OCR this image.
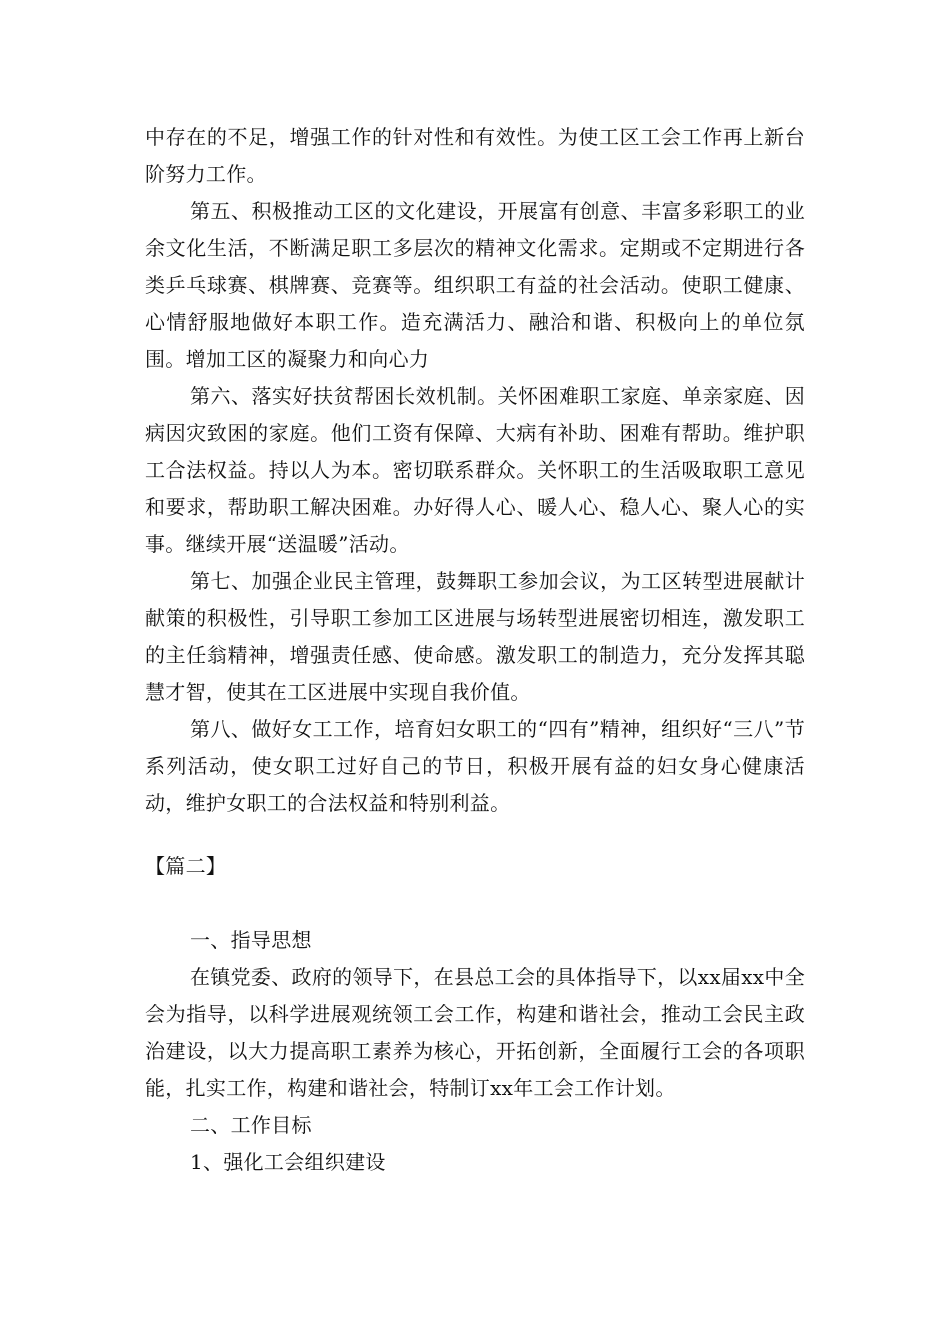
中存在的不足，增强工作的针对性和有效性。为使工区工会工作再上新台阶努力工作。

第五、积极推动工区的文化建设，开展富有创意、丰富多彩职工的业余文化生活，不断满足职工多层次的精神文化需求。定期或不定期进行各类乒乓球赛、棋牌赛、竞赛等。组织职工有益的社会活动。使职工健康、心情舒服地做好本职工作。造充满活力、融洽和谐、积极向上的单位氛围。增加工区的凝聚力和向心力

第六、落实好扶贫帮困长效机制。关怀困难职工家庭、单亲家庭、因病因灾致困的家庭。他们工资有保障、大病有补助、困难有帮助。维护职工合法权益。持以人为本。密切联系群众。关怀职工的生活吸取职工意见和要求，帮助职工解决困难。办好得人心、暖人心、稳人心、聚人心的实事。继续开展“送温暖”活动。

第七、加强企业民主管理，鼓舞职工参加会议，为工区转型进展献计献策的积极性，引导职工参加工区进展与场转型进展密切相连，激发职工的主任翁精神，增强责任感、使命感。激发职工的制造力，充分发挥其聪慧才智，使其在工区进展中实现自我价值。

第八、做好女工工作，培育妇女职工的“四有”精神，组织好“三八”节系列活动，使女职工过好自己的节日，积极开展有益的妇女身心健康活动，维护女职工的合法权益和特别利益。

【篇二】

一、指导思想

在镇党委、政府的领导下，在县总工会的具体指导下，以xx届xx中全会为指导，以科学进展观统领工会工作，构建和谐社会，推动工会民主政治建设，以大力提高职工素养为核心，开拓创新，全面履行工会的各项职能，扎实工作，构建和谐社会，特制订xx年工会工作计划。

二、工作目标

1、强化工会组织建设
